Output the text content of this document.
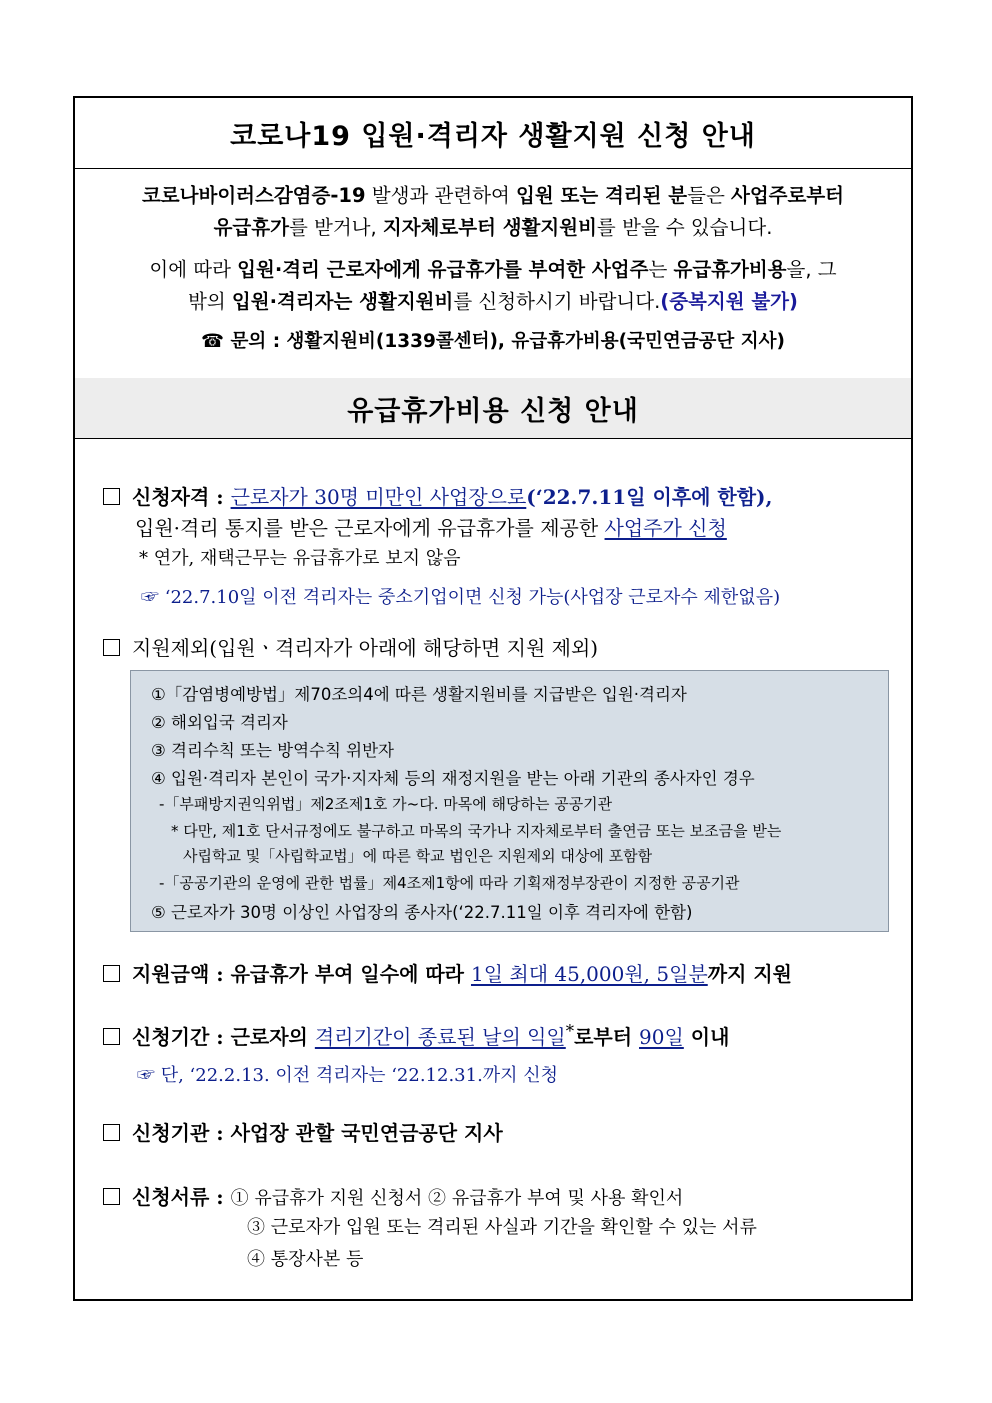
코로나19 입원·격리자 생활지원 신청 안내

코로나바이러스감염증-19 발생과 관련하여 입원 또는 격리된 분들은 사업주로부터
유급휴가를 받거나, 지자체로부터 생활지원비를 받을 수 있습니다.

이에 따라 입원·격리 근로자에게 유급휴가를 부여한 사업주는 유급휴가비용을, 그
밖의 입원·격리자는 생활지원비를 신청하시기 바랍니다.(중복지원 불가)

☎ 문의 : 생활지원비(1339콜센터), 유급휴가비용(국민연금공단 지사)

유급휴가비용 신청 안내
신청자격 : 근로자가 30명 미만인 사업장으로(‘22.7.11일 이후에 한함),
입원·격리 통지를 받은 근로자에게 유급휴가를 제공한 사업주가 신청
* 연가, 재택근무는 유급휴가로 보지 않음
☞ ‘22.7.10일 이전 격리자는 중소기업이면 신청 가능(사업장 근로자수 제한없음)
지원제외(입원ㆍ격리자가 아래에 해당하면 지원 제외)
①「감염병예방법」제70조의4에 따른 생활지원비를 지급받은 입원·격리자
② 해외입국 격리자
③ 격리수칙 또는 방역수칙 위반자
④ 입원·격리자 본인이 국가·지자체 등의 재정지원을 받는 아래 기관의 종사자인 경우
-「부패방지권익위법」제2조제1호 가~다. 마목에 해당하는 공공기관
* 다만, 제1호 단서규정에도 불구하고 마목의 국가나 지자체로부터 출연금 또는 보조금을 받는
사립학교 및「사립학교법」에 따른 학교 법인은 지원제외 대상에 포함함
-「공공기관의 운영에 관한 법률」제4조제1항에 따라 기획재정부장관이 지정한 공공기관
⑤ 근로자가 30명 이상인 사업장의 종사자(‘22.7.11일 이후 격리자에 한함)
지원금액 : 유급휴가 부여 일수에 따라 1일 최대 45,000원, 5일분까지 지원
신청기간 : 근로자의 격리기간이 종료된 날의 익일*로부터 90일 이내
☞ 단, ‘22.2.13. 이전 격리자는 ‘22.12.31.까지 신청
신청기관 : 사업장 관할 국민연금공단 지사
신청서류 : ① 유급휴가 지원 신청서 ② 유급휴가 부여 및 사용 확인서
③ 근로자가 입원 또는 격리된 사실과 기간을 확인할 수 있는 서류
④ 통장사본 등
